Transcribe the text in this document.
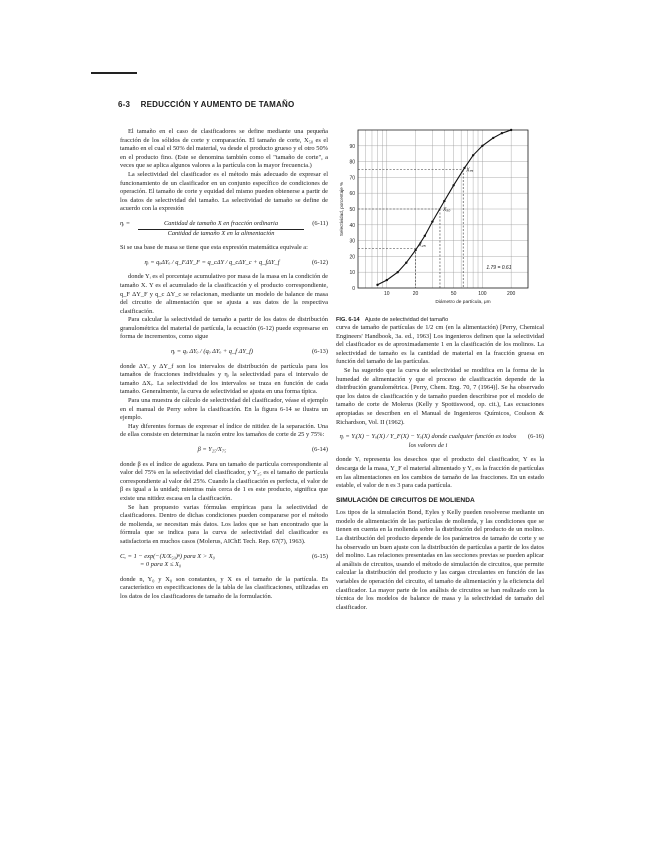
6-3 REDUCCIÓN Y AUMENTO DE TAMAÑO

El tamaño en el caso de clasificadores se define mediante una pequeña fracción de los sólidos de corte y comparación. El tamaño de corte, X₅₀ es el tamaño en el cual el 50% del material, va desde el producto grueso y el otro 50% en el producto fino. (Este se denomina también como el "tamaño de corte", a veces que se aplica algunos valores a la partícula con la mayor frecuencia.)

La selectividad del clasificador es el método más adecuado de expresar el funcionamiento de un clasificador en un conjunto específico de condiciones de operación. El tamaño de corte y equidad del mismo pueden obtenerse a partir de los datos de selectividad del tamaño. La selectividad de tamaño se define de acuerdo con la expresión

ηᵢ =	Cantidad de tamaño X en fracción ordinaria
Cantidad de tamaño X en la alimentación
(6-11)

Si se usa base de masa se tiene que esta expresión matemática equivale a:

ηᵢ = qₒΔYₒ / q_FΔY_F = q_cΔY / q_cΔY_c + q_fΔY_f	(6-12)

donde Yᵢ es el porcentaje acumulativo por masa de la masa en la condición de tamaño X. Y es el acumulado de la clasificación y el producto correspondiente, q_F ΔY_F y q_c ΔY_c se relacionan, mediante un modelo de balance de masa del circuito de alimentación que se ajusta a sus datos de la respectiva clasificación.

Para calcular la selectividad de tamaño a partir de los datos de distribución granulométrica del material de partícula, la ecuación (6-12) puede expresarse en forma de incrementos, como sigue

ηᵢ = qₒ ΔYₒ / (qₒ ΔYₒ + q_f ΔY_f)	(6-13)

donde ΔYₒ y ΔY_f son los intervalos de distribución de partícula para los tamaños de fracciones individuales y ηᵢ la selectividad para el intervalo de tamaño ΔXᵢ. La selectividad de los intervalos se traza en función de cada tamaño. Generalmente, la curva de selectividad se ajusta en una forma típica.

Para una muestra de cálculo de selectividad del clasificador, véase el ejemplo en el manual de Perry sobre la clasificación. En la figura 6-14 se ilustra un ejemplo.

Hay diferentes formas de expresar el índice de nitidez de la separación. Una de ellas consiste en determinar la razón entre los tamaños de corte de 25 y 75%:

β = Y₂₅/X₇₅	(6-14)

donde β es el índice de agudeza. Para un tamaño de partícula correspondiente al valor del 75% en la selectividad del clasificador, y Y₂₅ es el tamaño de partícula correspondiente al valor del 25%. Cuando la clasificación es perfecta, el valor de β es igual a la unidad; mientras más cerca de 1 es este producto, significa que existe una nitidez escasa en la clasificación.

Se han propuesto varias fórmulas empíricas para la selectividad de clasificadores. Dentro de dichas condiciones pueden compararse por el método de molienda, se necesitan más datos. Los lados que se han encontrado que la fórmula que se indica para la curva de selectividad del clasificador es satisfactoria en muchos casos (Molerus, AIChE Tech. Rep. 67(7), 1963).

Cₓ = 1 − exp(−(X/X₅₀)ⁿ) para X > X₀
= 0 para X ≤ X₀
(6-15)

donde n, Y₀ y X₀ son constantes, y X es el tamaño de la partícula. Es característico en especificaciones de la tabla de las clasificaciones, utilizadas en los datos de los clasificadores de tamaño de la formulación.

0
10
20
30
40
50
60
70
80
90
10	20	50	100	200
Selectividad, porcentaje %
Diámetro de partícula, μm
X₇₅
X₅₀
X₂₅
1.79 = 0.61
FIG. 6-14 Ajuste de selectividad del tamaño

curva de tamaño de partículas de 1/2 cm (en la alimentación) [Perry, Chemical Engineers' Handbook, 3a. ed., 1963] Los ingenieros definen que la selectividad del clasificador es de aproximadamente 1 en la clasificación de los molinos. La selectividad de tamaño es la cantidad de material en la fracción gruesa en función del tamaño de las partículas.

Se ha sugerido que la curva de selectividad se modifica en la forma de la humedad de alimentación y que el proceso de clasificación depende de la distribución granulométrica. [Perry, Chem. Eng. 70, 7 (1964)]. Se ha observado que los datos de clasificación y de tamaño pueden describirse por el modelo de tamaño de corte de Molerus (Kelly y Spottiswood, op. cit.), Las ecuaciones apropiadas se describen en el Manual de Ingenieros Químicos, Coulson & Richardson, Vol. II (1962).

ηᵢ = Yᵢ(X) − Yₒ(X) / Y_F(X) − Yₒ(X) donde cualquier función es todos los valores de i
(6-16)

donde Yᵢ representa los desechos que el producto del clasificador, Y es la descarga de la masa, Y_F el material alimentado y Yₒ es la fracción de partículas en las alimentaciones en los cambios de tamaño de las fracciones. En un estado estable, el valor de n es 3 para cada partícula.

SIMULACIÓN DE CIRCUITOS DE MOLIENDA

Los tipos de la simulación Bond, Eyles y Kelly pueden resolverse mediante un modelo de alimentación de las partículas de molienda, y las condiciones que se tienen en cuenta en la molienda sobre la distribución del producto de un molino. La distribución del producto depende de los parámetros de tamaño de corte y se ha observado un buen ajuste con la distribución de partículas a partir de los datos del molino. Las relaciones presentadas en las secciones previas se pueden aplicar al análisis de circuitos, usando el método de simulación de circuitos, que permite calcular la distribución del producto y las cargas circulantes en función de las variables de operación del circuito, el tamaño de alimentación y la eficiencia del clasificador. La mayor parte de los análisis de circuitos se han realizado con la técnica de los modelos de balance de masa y la selectividad de tamaño del clasificador.
